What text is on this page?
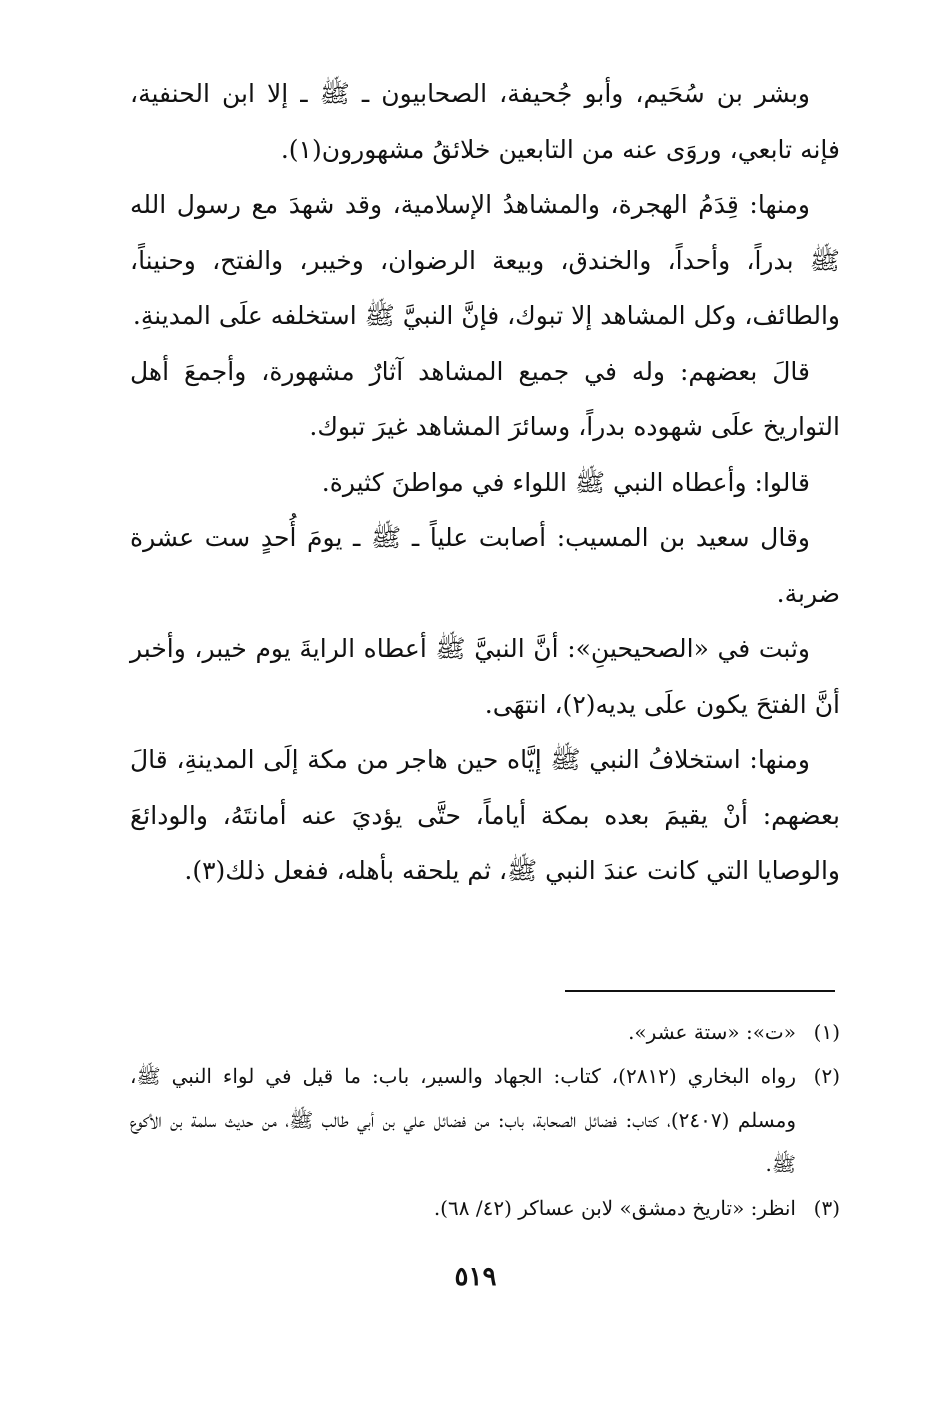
وبشر بن سُحَيم، وأبو جُحيفة، الصحابيون ـ ﷺ ـ إلا ابن الحنفية، فإنه تابعي، وروَى عنه من التابعين خلائقُ مشهورون(١).

ومنها: قِدَمُ الهجرة، والمشاهدُ الإسلامية، وقد شهدَ مع رسول الله ﷺ بدراً، وأحداً، والخندق، وبيعة الرضوان، وخيبر، والفتح، وحنيناً، والطائف، وكل المشاهد إلا تبوك، فإنَّ النبيَّ ﷺ استخلفه علَى المدينةِ.

قالَ بعضهم: وله في جميع المشاهد آثارٌ مشهورة، وأجمعَ أهل التواريخ علَى شهوده بدراً، وسائرَ المشاهد غيرَ تبوك.

قالوا: وأعطاه النبي ﷺ اللواء في مواطنَ كثيرة.

وقال سعيد بن المسيب: أصابت علياً ـ ﷺ ـ يومَ أُحدٍ ست عشرة ضربة.

وثبت في «الصحيحينِ»: أنَّ النبيَّ ﷺ أعطاه الرايةَ يوم خيبر، وأخبر أنَّ الفتحَ يكون علَى يديه(٢)، انتهَى.

ومنها: استخلافُ النبي ﷺ إيَّاه حين هاجر من مكة إلَى المدينةِ، قالَ بعضهم: أنْ يقيمَ بعده بمكة أياماً، حتَّى يؤديَ عنه أمانتَهُ، والودائعَ والوصايا التي كانت عندَ النبي ﷺ، ثم يلحقه بأهله، ففعل ذلك(٣).

(١)
«ت»: «ستة عشر».
(٢)
رواه البخاري (٢٨١٢)، كتاب: الجهاد والسير، باب: ما قيل في لواء النبي ﷺ، ومسلم (٢٤٠٧)، كتاب: فضائل الصحابة، باب: من فضائل علي بن أبي طالب ﷺ، من حديث سلمة بن الأكوع ﷺ.
(٣)
انظر: «تاريخ دمشق» لابن عساكر (٤٢/ ٦٨).
٥١٩
